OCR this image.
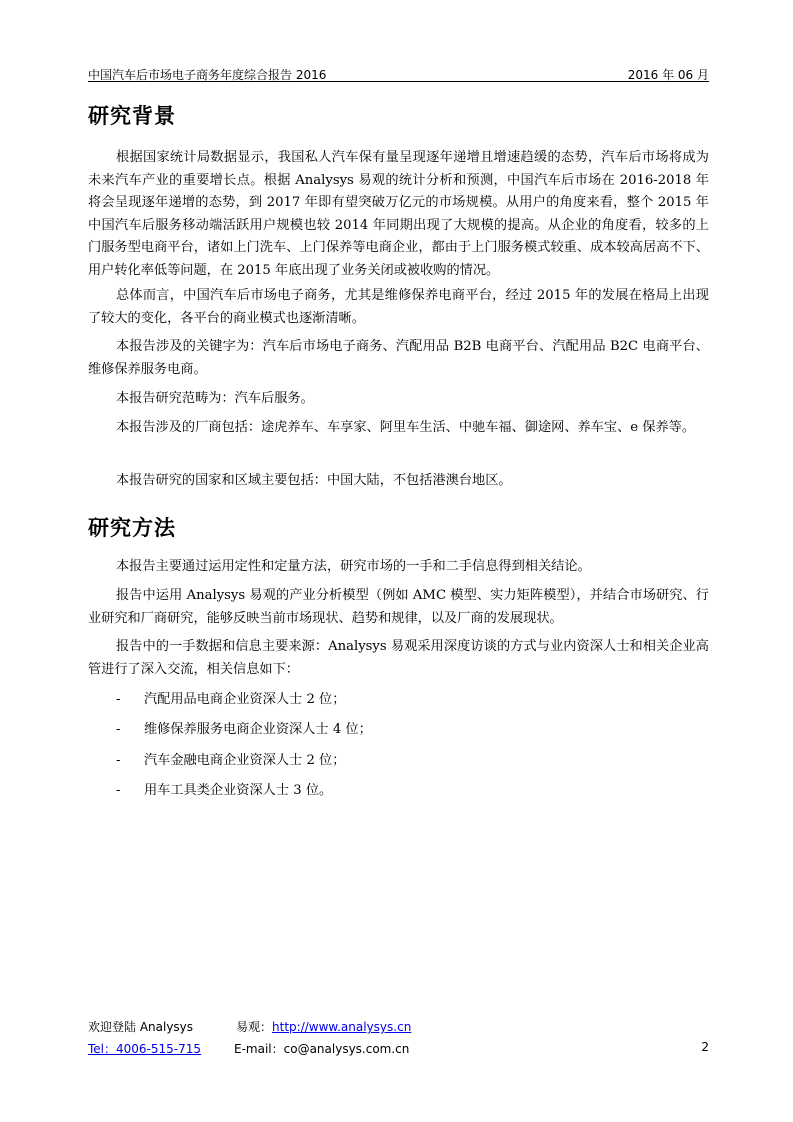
中国汽车后市场电子商务年度综合报告 2016	2016 年 06 月
研究背景
根据国家统计局数据显示，我国私人汽车保有量呈现逐年递增且增速趋缓的态势，汽车后市场将成为未来汽车产业的重要增长点。根据 Analysys 易观的统计分析和预测，中国汽车后市场在 2016-2018 年将会呈现逐年递增的态势，到 2017 年即有望突破万亿元的市场规模。从用户的角度来看，整个 2015 年中国汽车后服务移动端活跃用户规模也较 2014 年同期出现了大规模的提高。从企业的角度看，较多的上门服务型电商平台，诸如上门洗车、上门保养等电商企业，都由于上门服务模式较重、成本较高居高不下、用户转化率低等问题，在 2015 年底出现了业务关闭或被收购的情况。
总体而言，中国汽车后市场电子商务，尤其是维修保养电商平台，经过 2015 年的发展在格局上出现了较大的变化，各平台的商业模式也逐渐清晰。
本报告涉及的关键字为：汽车后市场电子商务、汽配用品 B2B 电商平台、汽配用品 B2C 电商平台、维修保养服务电商。
本报告研究范畴为：汽车后服务。
本报告涉及的厂商包括：途虎养车、车享家、阿里车生活、中驰车福、御途网、养车宝、e 保养等。
本报告研究的国家和区域主要包括：中国大陆，不包括港澳台地区。
研究方法
本报告主要通过运用定性和定量方法，研究市场的一手和二手信息得到相关结论。
报告中运用 Analysys 易观的产业分析模型（例如 AMC 模型、实力矩阵模型），并结合市场研究、行业研究和厂商研究，能够反映当前市场现状、趋势和规律，以及厂商的发展现状。
报告中的一手数据和信息主要来源：Analysys 易观采用深度访谈的方式与业内资深人士和相关企业高管进行了深入交流，相关信息如下：
- 汽配用品电商企业资深人士 2 位；
- 维修保养服务电商企业资深人士 4 位；
- 汽车金融电商企业资深人士 2 位；
- 用车工具类企业资深人士 3 位。
欢迎登陆 Analysys	易观：http://www.analysys.cn
Tel：4006-515-715	E-mail：co@analysys.com.cn	2
